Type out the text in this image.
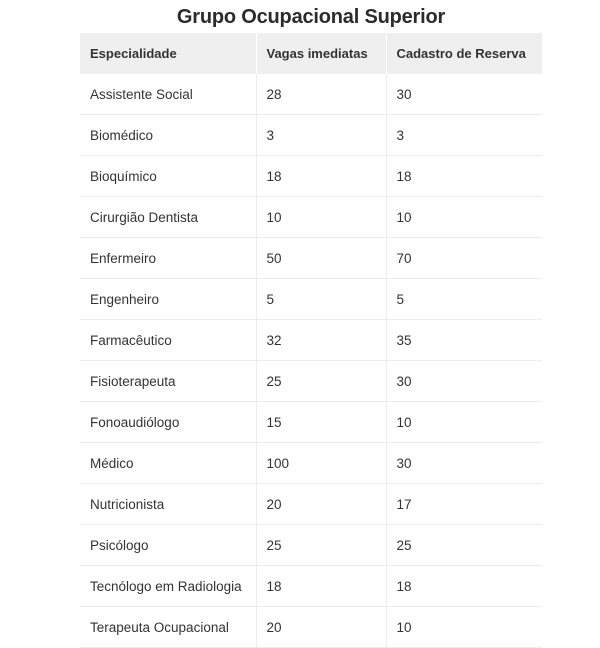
Grupo Ocupacional Superior
Especialidade	Vagas imediatas	Cadastro de Reserva
Assistente Social	28	30
Biomédico	3	3
Bioquímico	18	18
Cirurgião Dentista	10	10
Enfermeiro	50	70
Engenheiro	5	5
Farmacêutico	32	35
Fisioterapeuta	25	30
Fonoaudiólogo	15	10
Médico	100	30
Nutricionista	20	17
Psicólogo	25	25
Tecnólogo em Radiologia	18	18
Terapeuta Ocupacional	20	10
